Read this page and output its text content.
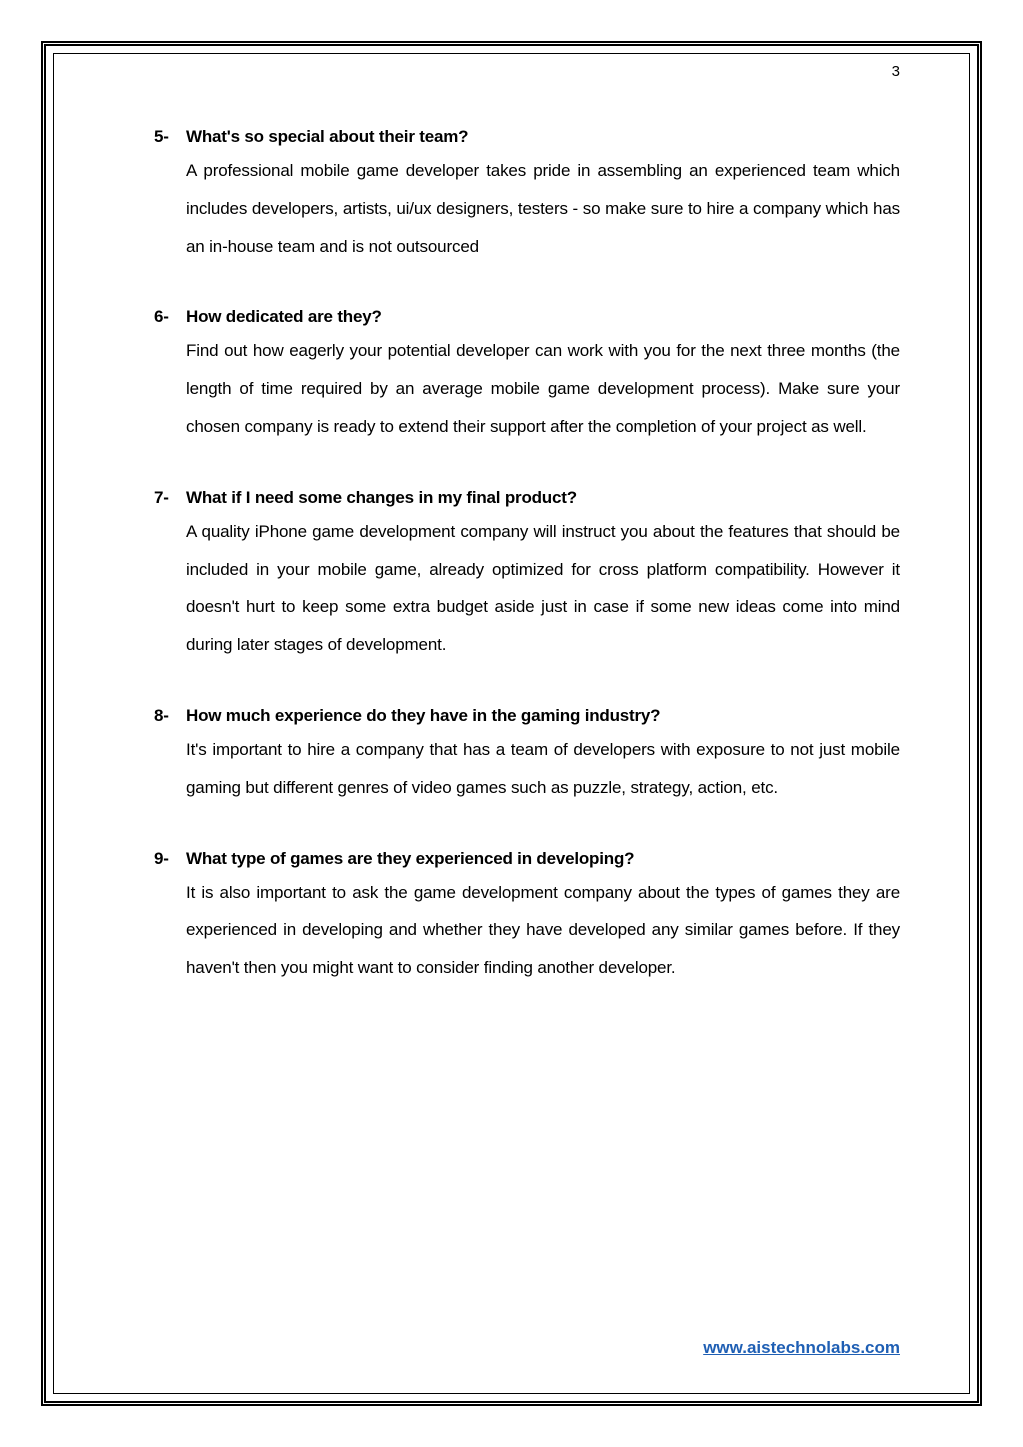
3
5- What's so special about their team?
A professional mobile game developer takes pride in assembling an experienced team which includes developers, artists, ui/ux designers, testers - so make sure to hire a company which has an in-house team and is not outsourced
6- How dedicated are they?
Find out how eagerly your potential developer can work with you for the next three months (the length of time required by an average mobile game development process). Make sure your chosen company is ready to extend their support after the completion of your project as well.
7- What if I need some changes in my final product?
A quality iPhone game development company will instruct you about the features that should be included in your mobile game, already optimized for cross platform compatibility. However it doesn't hurt to keep some extra budget aside just in case if some new ideas come into mind during later stages of development.
8- How much experience do they have in the gaming industry?
It's important to hire a company that has a team of developers with exposure to not just mobile gaming but different genres of video games such as puzzle, strategy, action, etc.
9- What type of games are they experienced in developing?
It is also important to ask the game development company about the types of games they are experienced in developing and whether they have developed any similar games before. If they haven't then you might want to consider finding another developer.
www.aistechnolabs.com
